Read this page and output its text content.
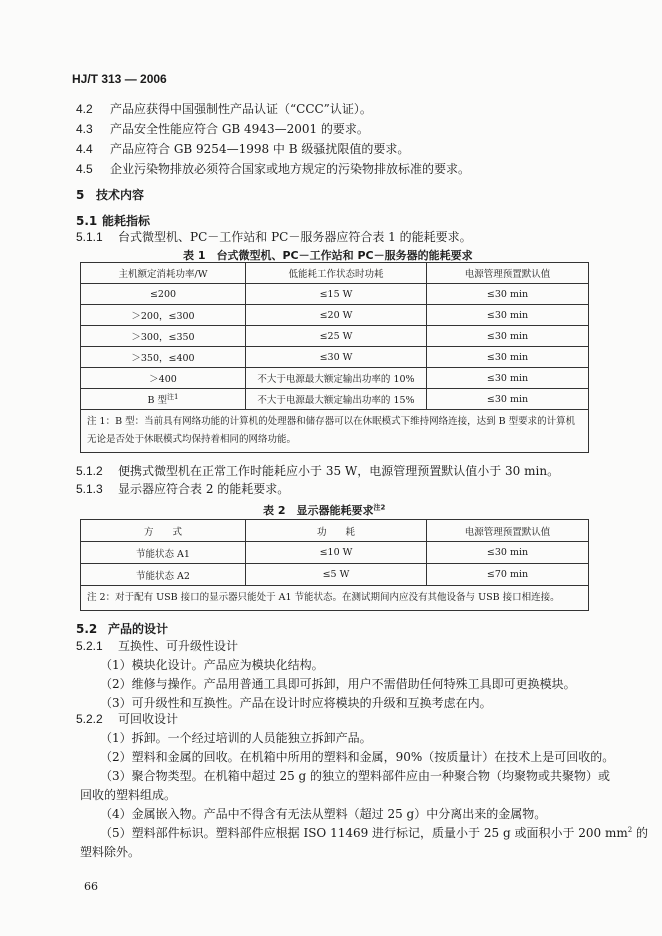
HJ/T 313 — 2006
4.2 产品应获得中国强制性产品认证（“CCC”认证）。
4.3 产品安全性能应符合 GB 4943—2001 的要求。
4.4 产品应符合 GB 9254—1998 中 B 级骚扰限值的要求。
4.5 企业污染物排放必须符合国家或地方规定的污染物排放标准的要求。
5 技术内容
5.1 能耗指标
5.1.1 台式微型机、PC－工作站和 PC－服务器应符合表 1 的能耗要求。
表 1　台式微型机、PC－工作站和 PC－服务器的能耗要求
主机额定消耗功率/W	低能耗工作状态时功耗	电源管理预置默认值
≤200	≤15 W	≤30 min
＞200，≤300	≤20 W	≤30 min
＞300，≤350	≤25 W	≤30 min
＞350，≤400	≤30 W	≤30 min
＞400	不大于电源最大额定输出功率的 10%	≤30 min
B 型$^{注1}$	不大于电源最大额定输出功率的 15%	≤30 min
注 1：B 型：当前具有网络功能的计算机的处理器和储存器可以在休眠模式下维持网络连接，达到 B 型要求的计算机无论是否处于休眠模式均保持着相同的网络功能。		
5.1.2 便携式微型机在正常工作时能耗应小于 35 W，电源管理预置默认值小于 30 min。
5.1.3 显示器应符合表 2 的能耗要求。
表 2　显示器能耗要求$^{注2}$
方　　式	功　　耗	电源管理预置默认值
节能状态 A1	≤10 W	≤30 min
节能状态 A2	≤5 W	≤70 min
注 2：对于配有 USB 接口的显示器只能处于 A1 节能状态。在测试期间内应没有其他设备与 USB 接口相连接。		
5.2 产品的设计
5.2.1 互换性、可升级性设计
（1）模块化设计。产品应为模块化结构。
（2）维修与操作。产品用普通工具即可拆卸，用户不需借助任何特殊工具即可更换模块。
（3）可升级性和互换性。产品在设计时应将模块的升级和互换考虑在内。
5.2.2 可回收设计
（1）拆卸。一个经过培训的人员能独立拆卸产品。
（2）塑料和金属的回收。在机箱中所用的塑料和金属，90%（按质量计）在技术上是可回收的。
（3）聚合物类型。在机箱中超过 25 g 的独立的塑料部件应由一种聚合物（均聚物或共聚物）或
回收的塑料组成。
（4）金属嵌入物。产品中不得含有无法从塑料（超过 25 g）中分离出来的金属物。
（5）塑料部件标识。塑料部件应根据 ISO 11469 进行标记，质量小于 25 g 或面积小于 200 $mm^2$ 的
塑料除外。
66
